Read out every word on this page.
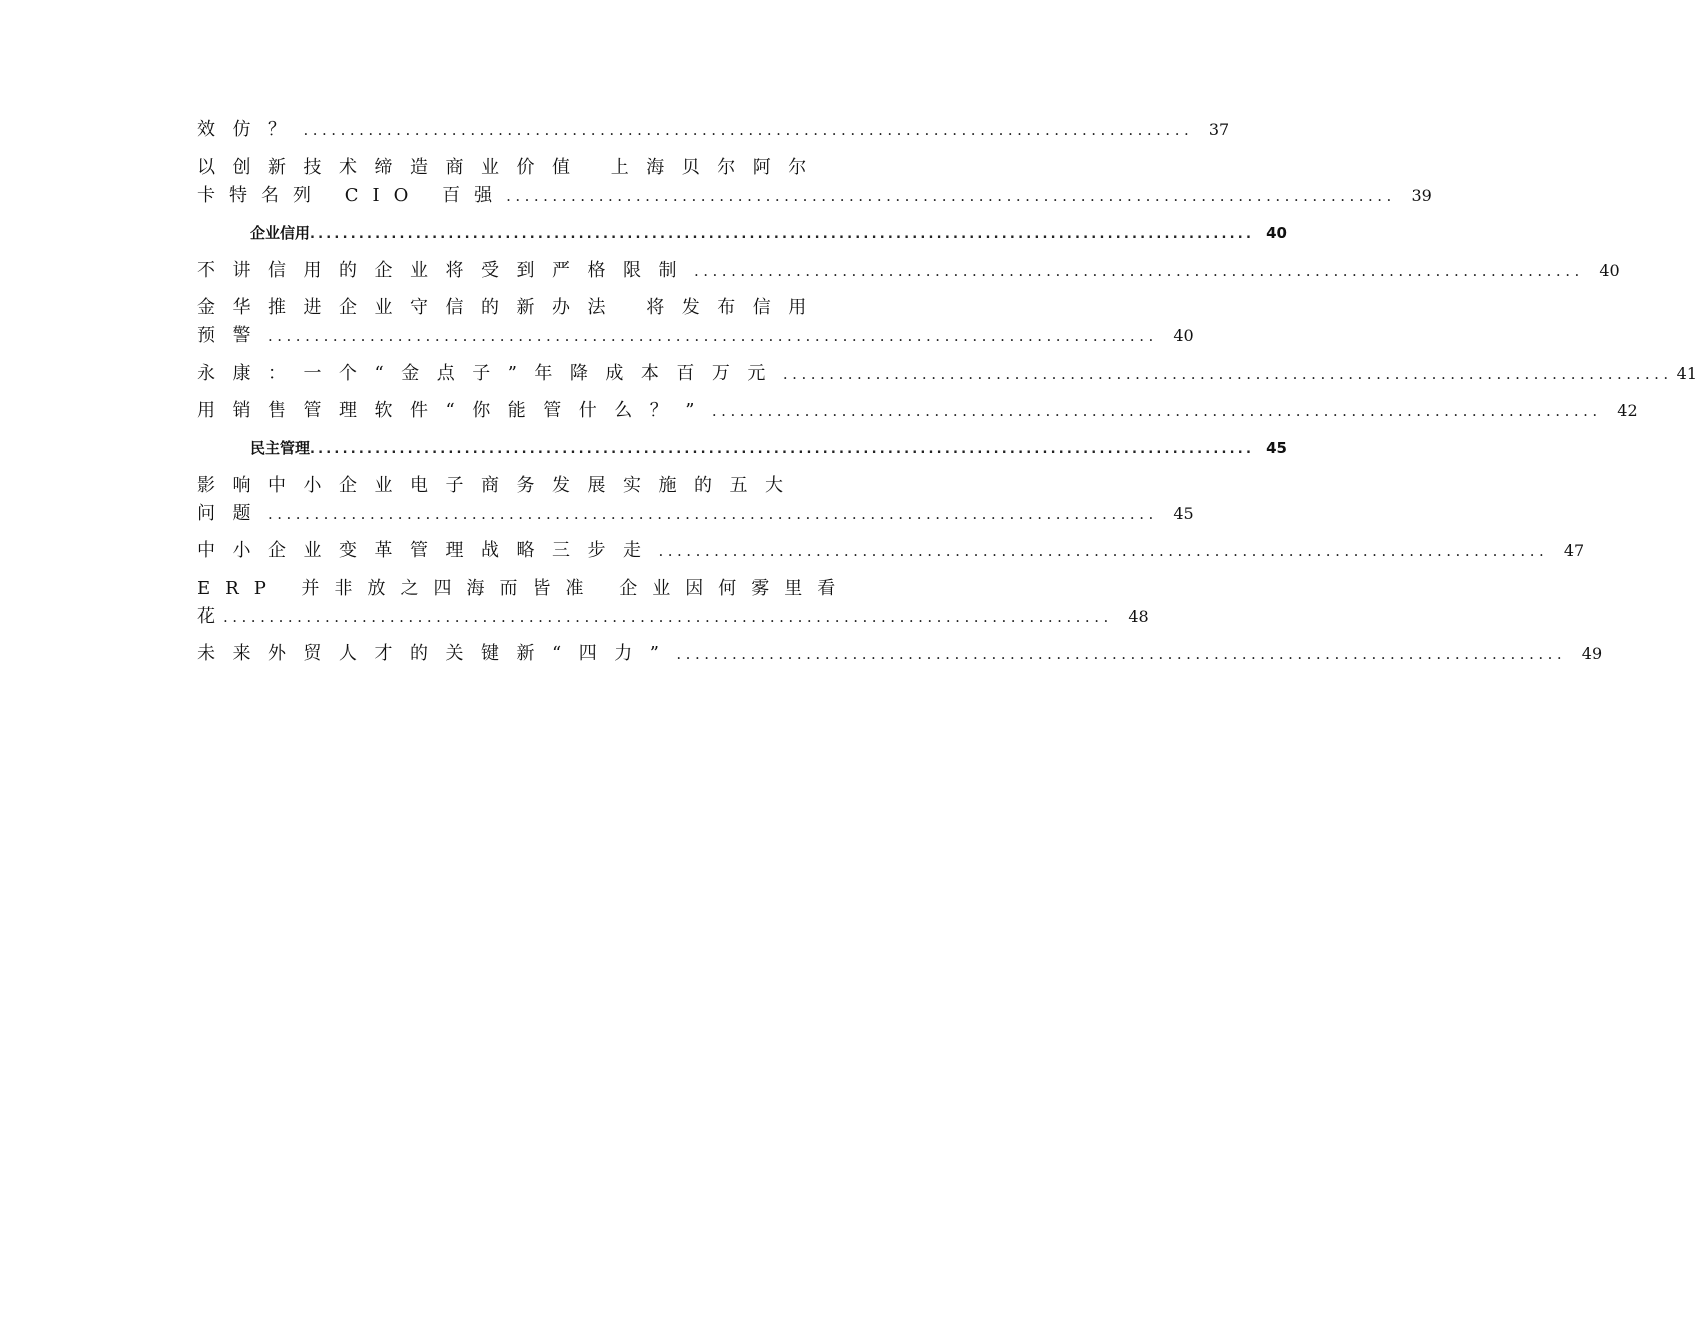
效仿？ ................................................................................................ 37
以创新技术缔造商业价值 上海贝尔阿尔
卡特名列 CIO 百强 ................................................................................................ 39
企业信用 .................................................................................................................... 40
不讲信用的企业将受到严格限制 ................................................................................................ 40
金华推进企业守信的新办法 将发布信用
预警 ................................................................................................ 40
永康：一个“金点子”年降成本百万元 ................................................................................................ 41
用销售管理软件“你能管什么？” ................................................................................................ 42
民主管理 .................................................................................................................... 45
影响中小企业电子商务发展实施的五大
问题 ................................................................................................ 45
中小企业变革管理战略三步走 ................................................................................................ 47
ERP 并非放之四海而皆准 企业因何雾里看
花 ................................................................................................ 48
未来外贸人才的关键新“四力” ................................................................................................ 49
